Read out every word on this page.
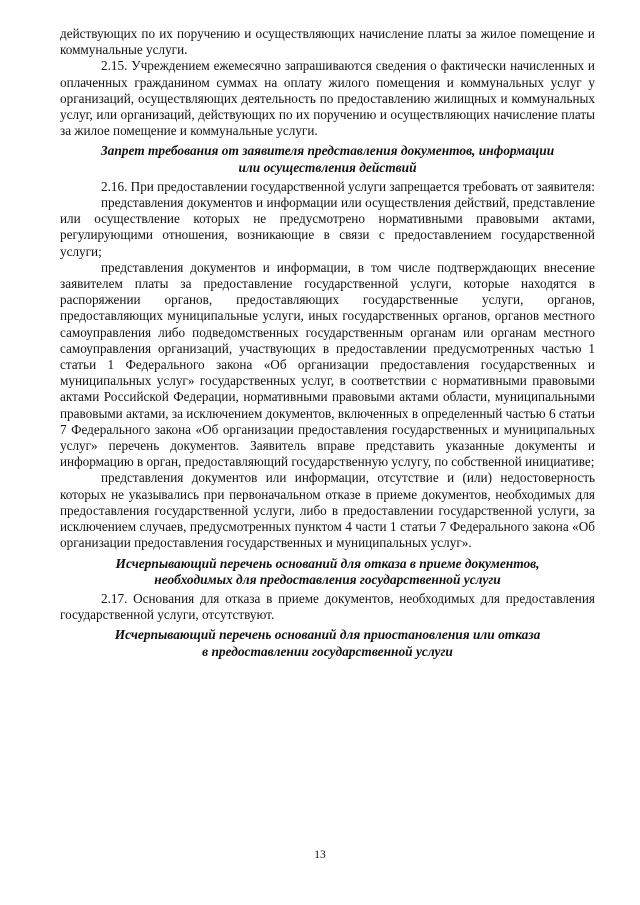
действующих по их поручению и осуществляющих начисление платы за жилое помещение и коммунальные услуги.

2.15. Учреждением ежемесячно запрашиваются сведения о фактически начисленных и оплаченных гражданином суммах на оплату жилого помещения и коммунальных услуг у организаций, осуществляющих деятельность по предоставлению жилищных и коммунальных услуг, или организаций, действующих по их поручению и осуществляющих начисление платы за жилое помещение и коммунальные услуги.

Запрет требования от заявителя представления документов, информации
или осуществления действий

2.16. При предоставлении государственной услуги запрещается требовать от заявителя:

представления документов и информации или осуществления действий, представление или осуществление которых не предусмотрено нормативными правовыми актами, регулирующими отношения, возникающие в связи с предоставлением государственной услуги;

представления документов и информации, в том числе подтверждающих внесение заявителем платы за предоставление государственной услуги, которые находятся в распоряжении органов, предоставляющих государственные услуги, органов, предоставляющих муниципальные услуги, иных государственных органов, органов местного самоуправления либо подведомственных государственным органам или органам местного самоуправления организаций, участвующих в предоставлении предусмотренных частью 1 статьи 1 Федерального закона «Об организации предоставления государственных и муниципальных услуг» государственных услуг, в соответствии с нормативными правовыми актами Российской Федерации, нормативными правовыми актами области, муниципальными правовыми актами, за исключением документов, включенных в определенный частью 6 статьи 7 Федерального закона «Об организации предоставления государственных и муниципальных услуг» перечень документов. Заявитель вправе представить указанные документы и информацию в орган, предоставляющий государственную услугу, по собственной инициативе;

представления документов или информации, отсутствие и (или) недостоверность которых не указывались при первоначальном отказе в приеме документов, необходимых для предоставления государственной услуги, либо в предоставлении государственной услуги, за исключением случаев, предусмотренных пунктом 4 части 1 статьи 7 Федерального закона «Об организации предоставления государственных и муниципальных услуг».

Исчерпывающий перечень оснований для отказа в приеме документов,
необходимых для предоставления государственной услуги

2.17. Основания для отказа в приеме документов, необходимых для предоставления государственной услуги, отсутствуют.

Исчерпывающий перечень оснований для приостановления или отказа
в предоставлении государственной услуги
13
